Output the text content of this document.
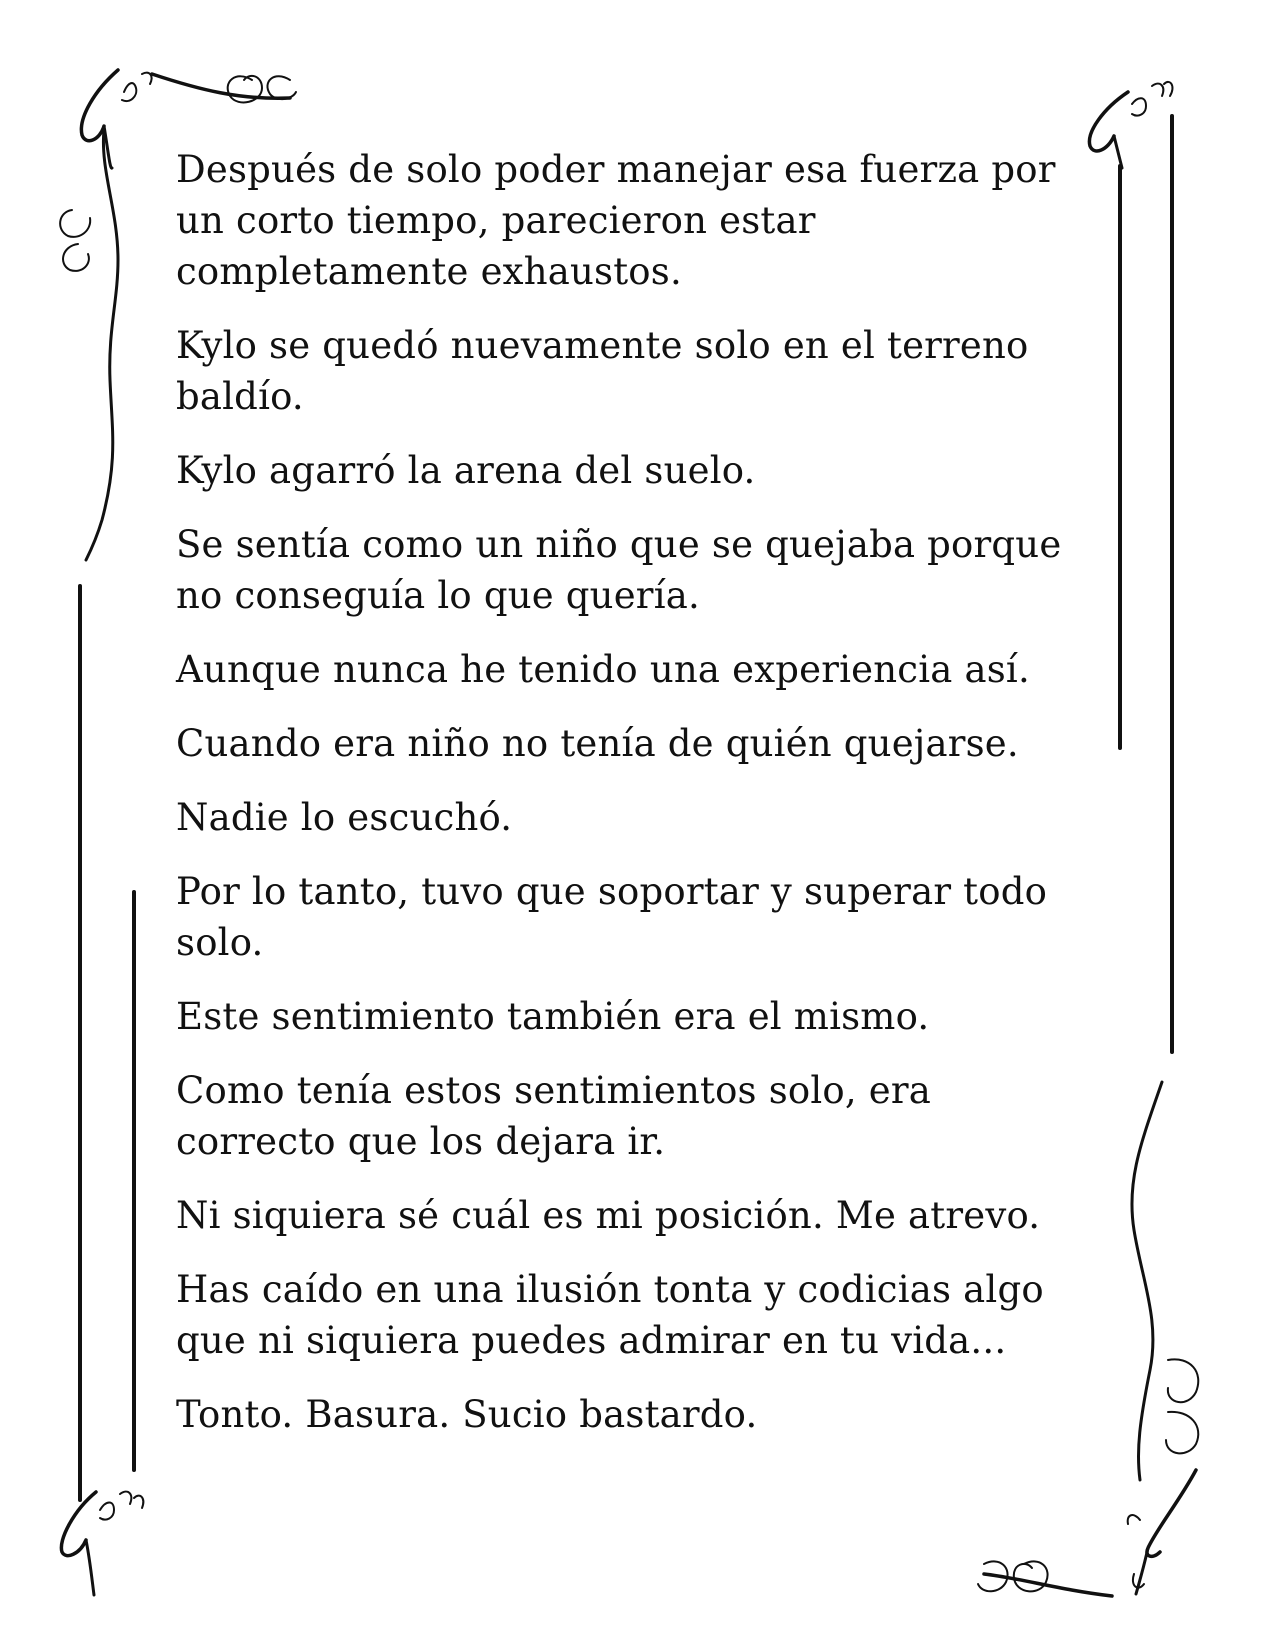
Después de solo poder manejar esa fuerza por un corto tiempo, parecieron estar completamente exhaustos.

Kylo se quedó nuevamente solo en el terreno baldío.

Kylo agarró la arena del suelo.

Se sentía como un niño que se quejaba porque no conseguía lo que quería.

Aunque nunca he tenido una experiencia así.

Cuando era niño no tenía de quién quejarse.

Nadie lo escuchó.

Por lo tanto, tuvo que soportar y superar todo solo.

Este sentimiento también era el mismo.

Como tenía estos sentimientos solo, era correcto que los dejara ir.

Ni siquiera sé cuál es mi posición. Me atrevo.

Has caído en una ilusión tonta y codicias algo que ni siquiera puedes admirar en tu vida...

Tonto. Basura. Sucio bastardo.
